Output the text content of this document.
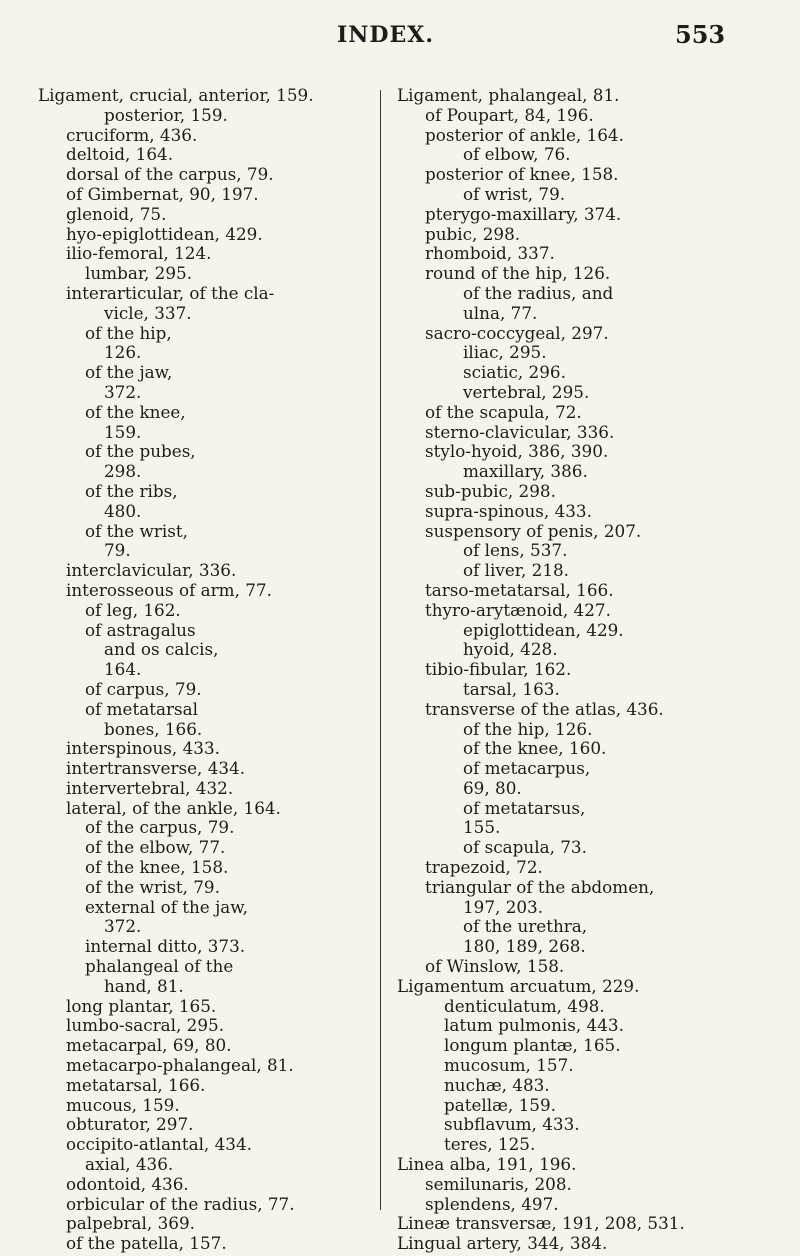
INDEX.	553
Ligament, crucial, anterior, 159.
posterior, 159.
cruciform, 436.
deltoid, 164.
dorsal of the carpus, 79.
of Gimbernat, 90, 197.
glenoid, 75.
hyo-epiglottidean, 429.
ilio-femoral, 124.
lumbar, 295.
interarticular, of the cla-
vicle, 337.
of the hip,
126.
of the jaw,
372.
of the knee,
159.
of the pubes,
298.
of the ribs,
480.
of the wrist,
79.
interclavicular, 336.
interosseous of arm, 77.
of leg, 162.
of astragalus
and os calcis,
164.
of carpus, 79.
of metatarsal
bones, 166.
interspinous, 433.
intertransverse, 434.
intervertebral, 432.
lateral, of the ankle, 164.
of the carpus, 79.
of the elbow, 77.
of the knee, 158.
of the wrist, 79.
external of the jaw,
372.
internal ditto, 373.
phalangeal of the
hand, 81.
long plantar, 165.
lumbo-sacral, 295.
metacarpal, 69, 80.
metacarpo-phalangeal, 81.
metatarsal, 166.
mucous, 159.
obturator, 297.
occipito-atlantal, 434.
axial, 436.
odontoid, 436.
orbicular of the radius, 77.
palpebral, 369.
of the patella, 157.
Ligament, phalangeal, 81.
of Poupart, 84, 196.
posterior of ankle, 164.
of elbow, 76.
posterior of knee, 158.
of wrist, 79.
pterygo-maxillary, 374.
pubic, 298.
rhomboid, 337.
round of the hip, 126.
of the radius, and
ulna, 77.
sacro-coccygeal, 297.
iliac, 295.
sciatic, 296.
vertebral, 295.
of the scapula, 72.
sterno-clavicular, 336.
stylo-hyoid, 386, 390.
maxillary, 386.
sub-pubic, 298.
supra-spinous, 433.
suspensory of penis, 207.
of lens, 537.
of liver, 218.
tarso-metatarsal, 166.
thyro-arytænoid, 427.
epiglottidean, 429.
hyoid, 428.
tibio-fibular, 162.
tarsal, 163.
transverse of the atlas, 436.
of the hip, 126.
of the knee, 160.
of metacarpus,
69, 80.
of metatarsus,
155.
of scapula, 73.
trapezoid, 72.
triangular of the abdomen,
197, 203.
of the urethra,
180, 189, 268.
of Winslow, 158.
Ligamentum arcuatum, 229.
denticulatum, 498.
latum pulmonis, 443.
longum plantæ, 165.
mucosum, 157.
nuchæ, 483.
patellæ, 159.
subflavum, 433.
teres, 125.
Linea alba, 191, 196.
semilunaris, 208.
splendens, 497.
Lineæ transversæ, 191, 208, 531.
Lingual artery, 344, 384.
